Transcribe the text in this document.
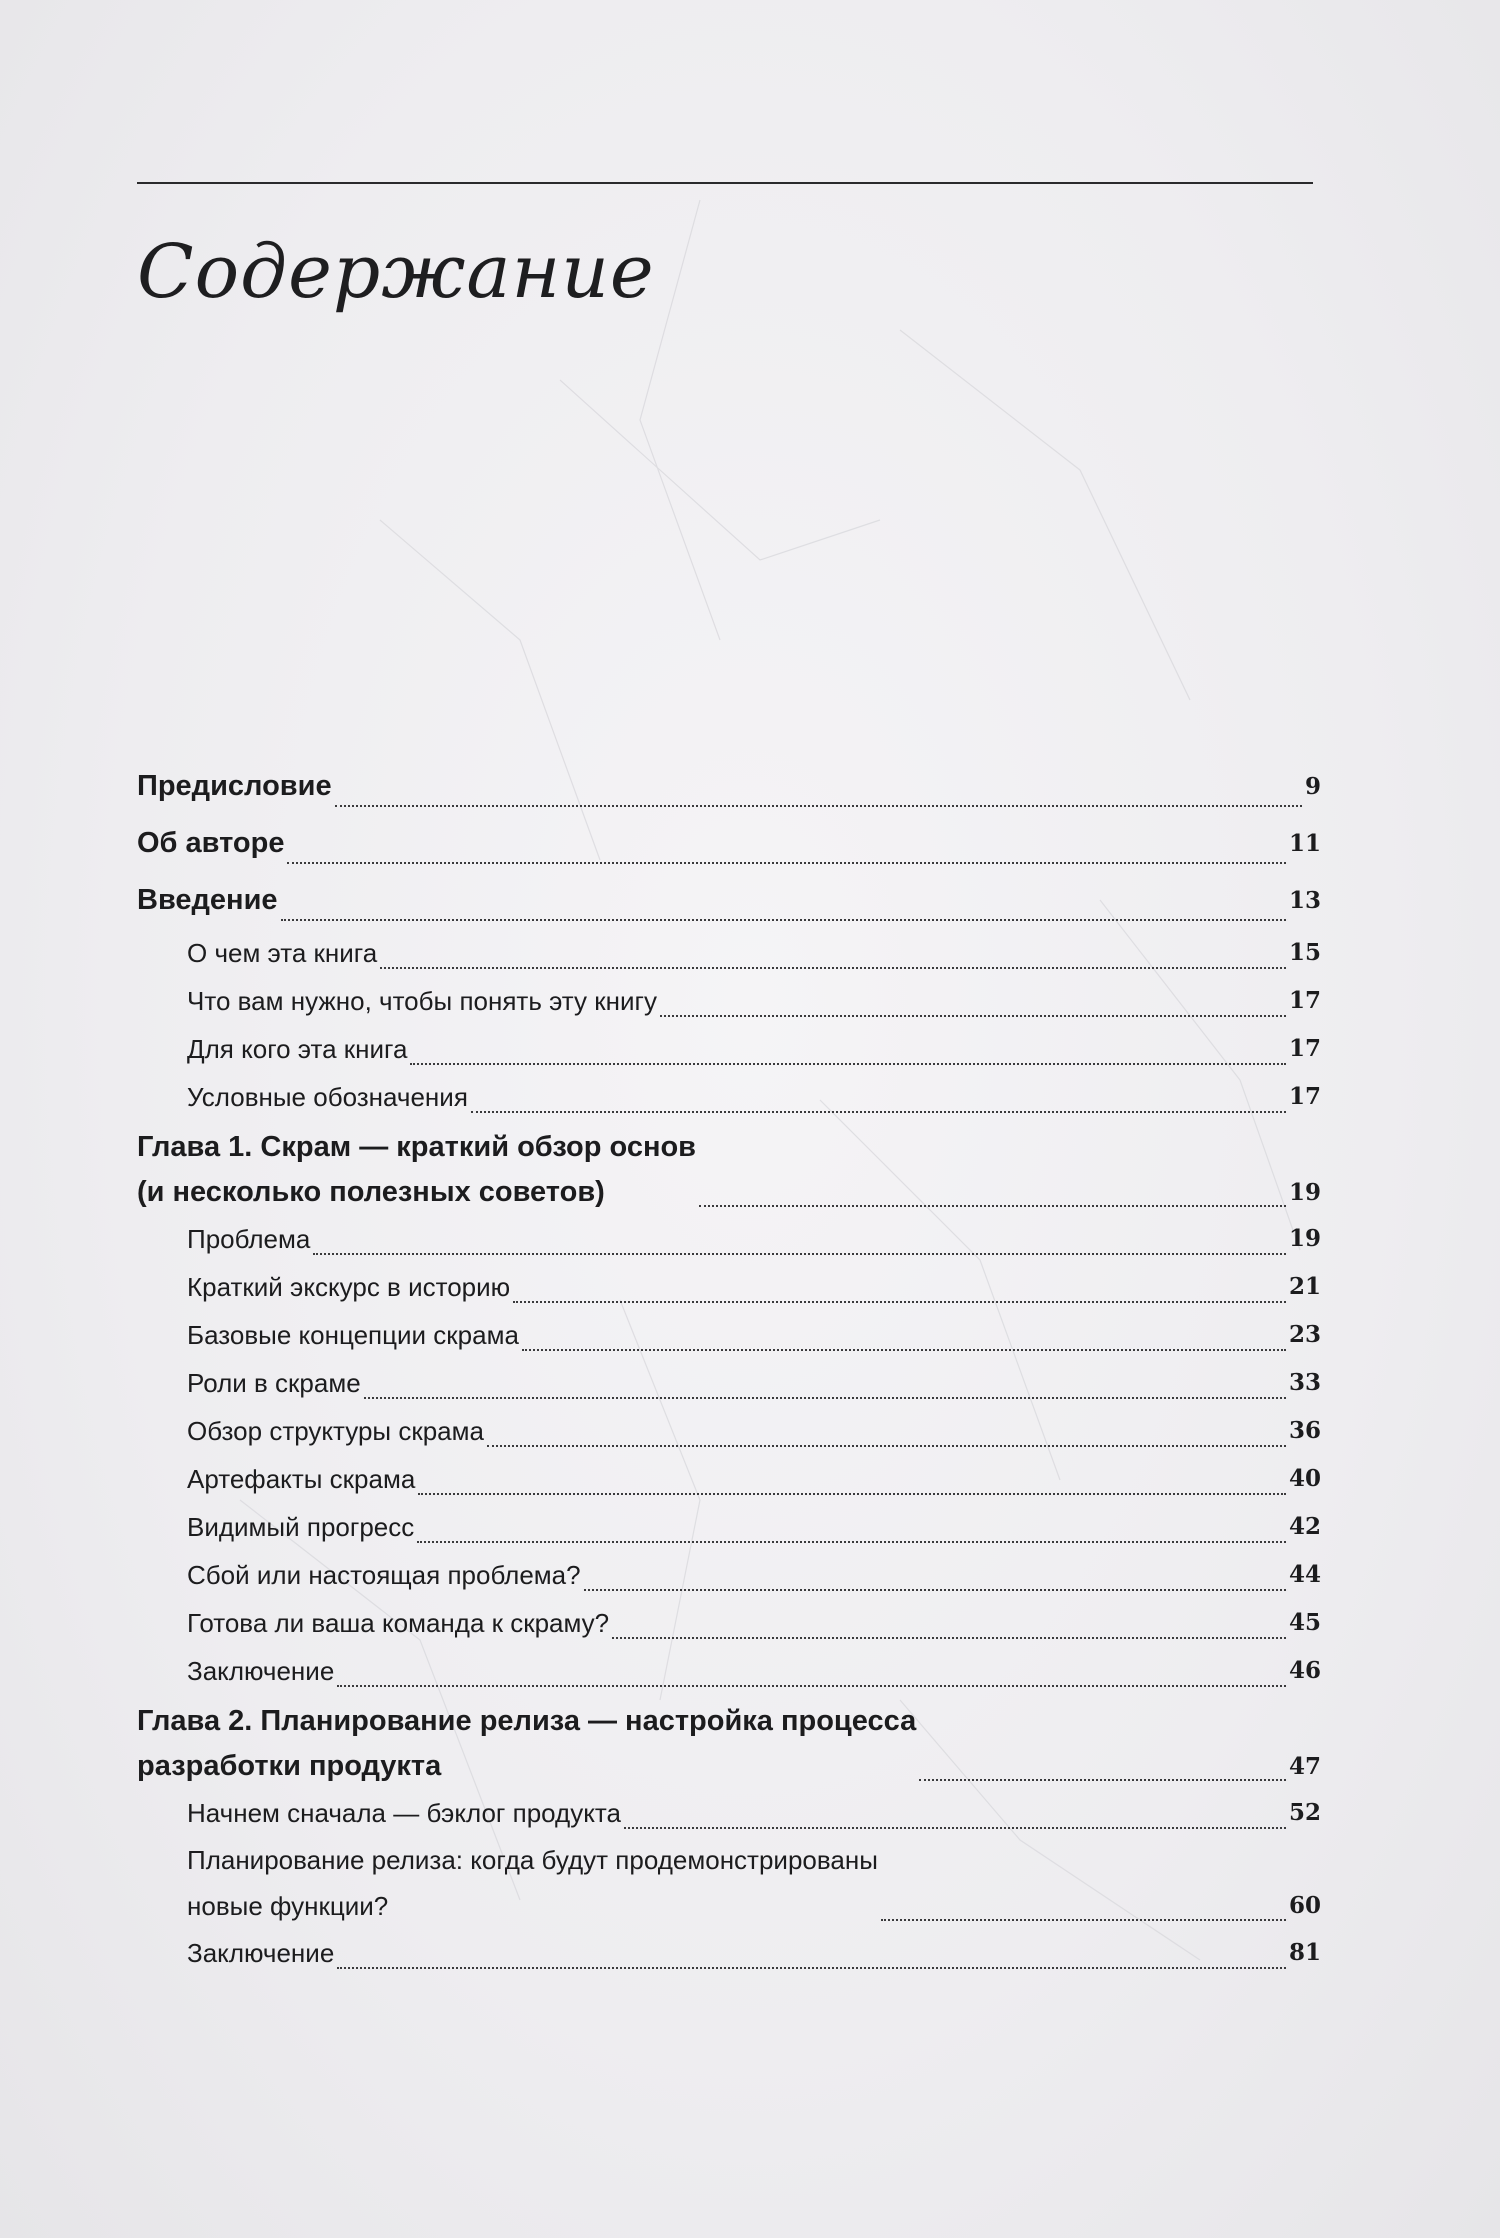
Содержание
Предисловие	9
Об авторе	11
Введение	13
О чем эта книга	15
Что вам нужно, чтобы понять эту книгу	17
Для кого эта книга	17
Условные обозначения	17
Глава 1. Скрам — краткий обзор основ
(и несколько полезных советов)	19
Проблема	19
Краткий экскурс в историю	21
Базовые концепции скрама	23
Роли в скраме	33
Обзор структуры скрама	36
Артефакты скрама	40
Видимый прогресс	42
Сбой или настоящая проблема?	44
Готова ли ваша команда к скраму?	45
Заключение	46
Глава 2. Планирование релиза — настройка процесса
разработки продукта	47
Начнем сначала — бэклог продукта	52
Планирование релиза: когда будут продемонстрированы
новые функции?	60
Заключение	81
